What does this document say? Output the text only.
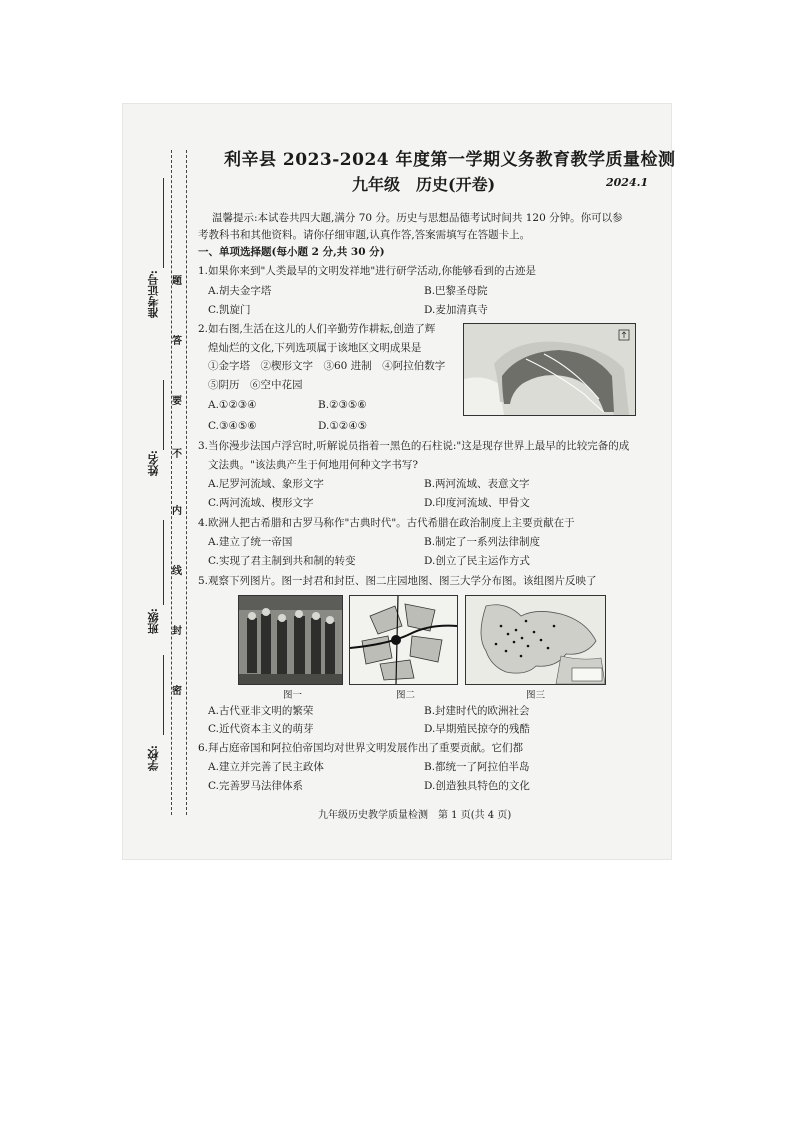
准考证号:
姓名:
班级:
学校:
题
答
要
不
内
线
封
密
利辛县 2023-2024 年度第一学期义务教育教学质量检测
九年级　历史(开卷)	2024.1
温馨提示:本试卷共四大题,满分 70 分。历史与思想品德考试时间共 120 分钟。你可以参
考教科书和其他资料。请你仔细审题,认真作答,答案需填写在答题卡上。
一、单项选择题(每小题 2 分,共 30 分)
1.如果你来到"人类最早的文明发祥地"进行研学活动,你能够看到的古迹是
A.胡夫金字塔	B.巴黎圣母院
C.凯旋门	D.麦加清真寺
2.如右图,生活在这儿的人们辛勤劳作耕耘,创造了辉
煌灿烂的文化,下列选项属于该地区文明成果是
①金字塔　②楔形文字　③60 进制　④阿拉伯数字
⑤阴历　⑥空中花园
A.①②③④	B.②③⑤⑥
C.③④⑤⑥	D.①②④⑤
3.当你漫步法国卢浮宫时,听解说员指着一黑色的石柱说:"这是现存世界上最早的比较完备的成
文法典。"该法典产生于何地用何种文字书写?
A.尼罗河流域、象形文字	B.两河流域、表意文字
C.两河流域、楔形文字	D.印度河流域、甲骨文
4.欧洲人把古希腊和古罗马称作"古典时代"。古代希腊在政治制度上主要贡献在于
A.建立了统一帝国	B.制定了一系列法律制度
C.实现了君主制到共和制的转变	D.创立了民主运作方式
5.观察下列图片。图一封君和封臣、图二庄园地图、图三大学分布图。该组图片反映了
图一	图二	图三
A.古代亚非文明的繁荣	B.封建时代的欧洲社会
C.近代资本主义的萌芽	D.早期殖民掠夺的残酷
6.拜占庭帝国和阿拉伯帝国均对世界文明发展作出了重要贡献。它们都
A.建立并完善了民主政体	B.都统一了阿拉伯半岛
C.完善罗马法律体系	D.创造独具特色的文化
九年级历史教学质量检测　第 1 页(共 4 页)
